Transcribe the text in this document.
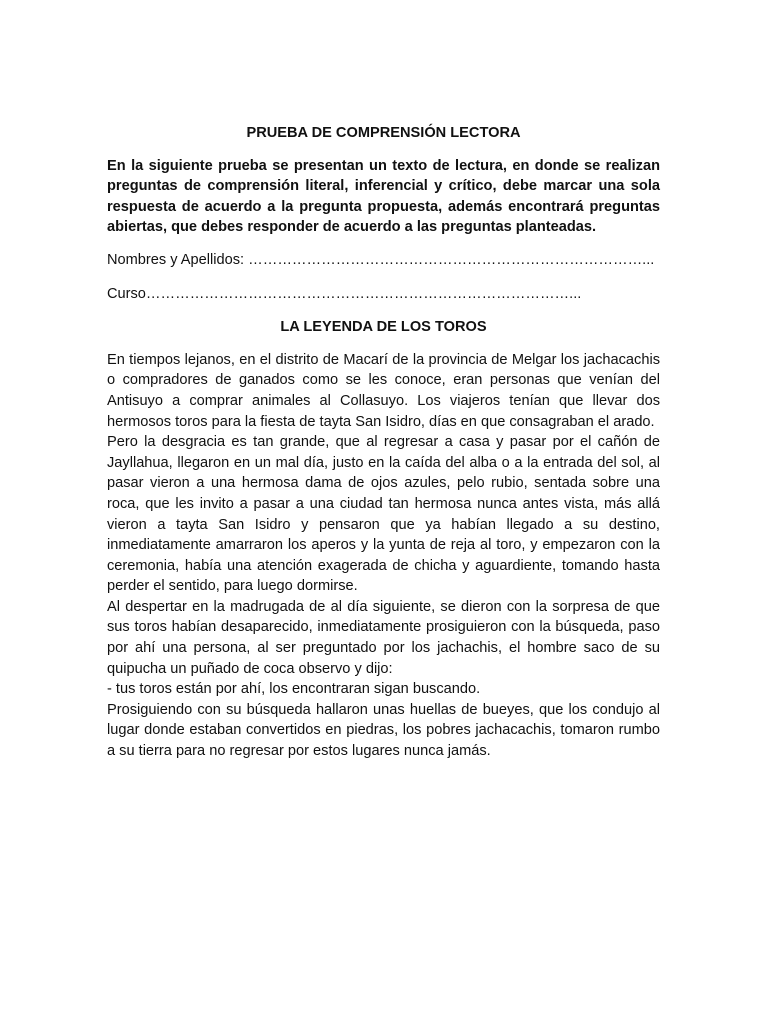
PRUEBA DE COMPRENSIÓN LECTORA
En la siguiente prueba se presentan un texto de lectura, en donde se realizan preguntas de comprensión literal, inferencial y crítico, debe marcar una sola respuesta de acuerdo a la pregunta propuesta, además encontrará preguntas abiertas, que debes responder de acuerdo a las preguntas planteadas.
Nombres y Apellidos: ………………………………………………………………………...
Curso……………………………………………………………………………...
LA LEYENDA DE LOS TOROS

En tiempos lejanos, en el distrito de Macarí de la provincia de Melgar los jachacachis o compradores de ganados como se les conoce, eran personas que venían del Antisuyo a comprar animales al Collasuyo. Los viajeros tenían que llevar dos hermosos toros para la fiesta de tayta San Isidro, días en que consagraban el arado.

Pero la desgracia es tan grande, que al regresar a casa y pasar por el cañón de Jayllahua, llegaron en un mal día, justo en la caída del alba o a la entrada del sol, al pasar vieron a una hermosa dama de ojos azules, pelo rubio, sentada sobre una roca, que les invito a pasar a una ciudad tan hermosa nunca antes vista, más allá vieron a tayta San Isidro y pensaron que ya habían llegado a su destino, inmediatamente amarraron los aperos y la yunta de reja al toro, y empezaron con la ceremonia, había una atención exagerada de chicha y aguardiente, tomando hasta perder el sentido, para luego dormirse.

Al despertar en la madrugada de al día siguiente, se dieron con la sorpresa de que sus toros habían desaparecido, inmediatamente prosiguieron con la búsqueda, paso por ahí una persona, al ser preguntado por los jachachis, el hombre saco de su quipucha un puñado de coca observo y dijo:

- tus toros están por ahí, los encontraran sigan buscando.

Prosiguiendo con su búsqueda hallaron unas huellas de bueyes, que los condujo al lugar donde estaban convertidos en piedras, los pobres jachacachis, tomaron rumbo a su tierra para no regresar por estos lugares nunca jamás.
